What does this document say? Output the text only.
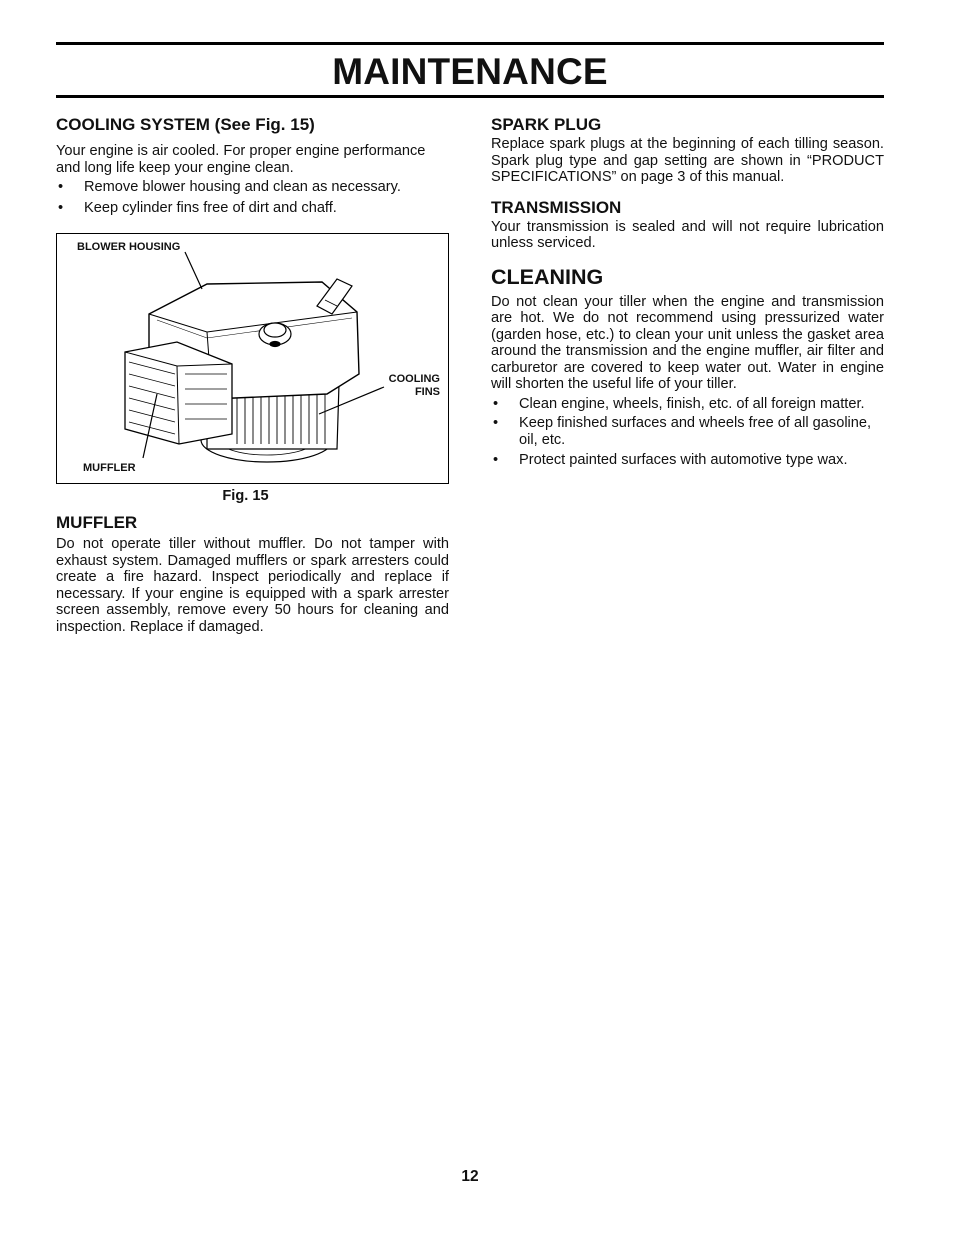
MAINTENANCE
COOLING SYSTEM (See Fig. 15)

Your engine is air cooled. For proper engine performance and long life keep your engine clean.

• Remove blower housing and clean as necessary.
• Keep cylinder fins free of dirt and chaff.
BLOWER HOUSING
COOLING
FINS
MUFFLER
Fig. 15
MUFFLER

Do not operate tiller without muffler. Do not tamper with exhaust system. Damaged mufflers or spark arresters could create a fire hazard. Inspect periodically and replace if necessary. If your engine is equipped with a spark arrester screen assembly, remove every 50 hours for cleaning and inspection. Replace if damaged.

SPARK PLUG

Replace spark plugs at the beginning of each tilling season. Spark plug type and gap setting are shown in “PRODUCT SPECIFICATIONS” on page 3 of this manual.

TRANSMISSION

Your transmission is sealed and will not require lubrication unless serviced.

CLEANING

Do not clean your tiller when the engine and transmission are hot. We do not recommend using pressurized water (garden hose, etc.) to clean your unit unless the gasket area around the transmission and the engine muffler, air filter and carburetor are covered to keep water out. Water in engine will shorten the useful life of your tiller.

• Clean engine, wheels, finish, etc. of all foreign matter.
• Keep finished surfaces and wheels free of all gasoline, oil, etc.
• Protect painted surfaces with automotive type wax.
12
